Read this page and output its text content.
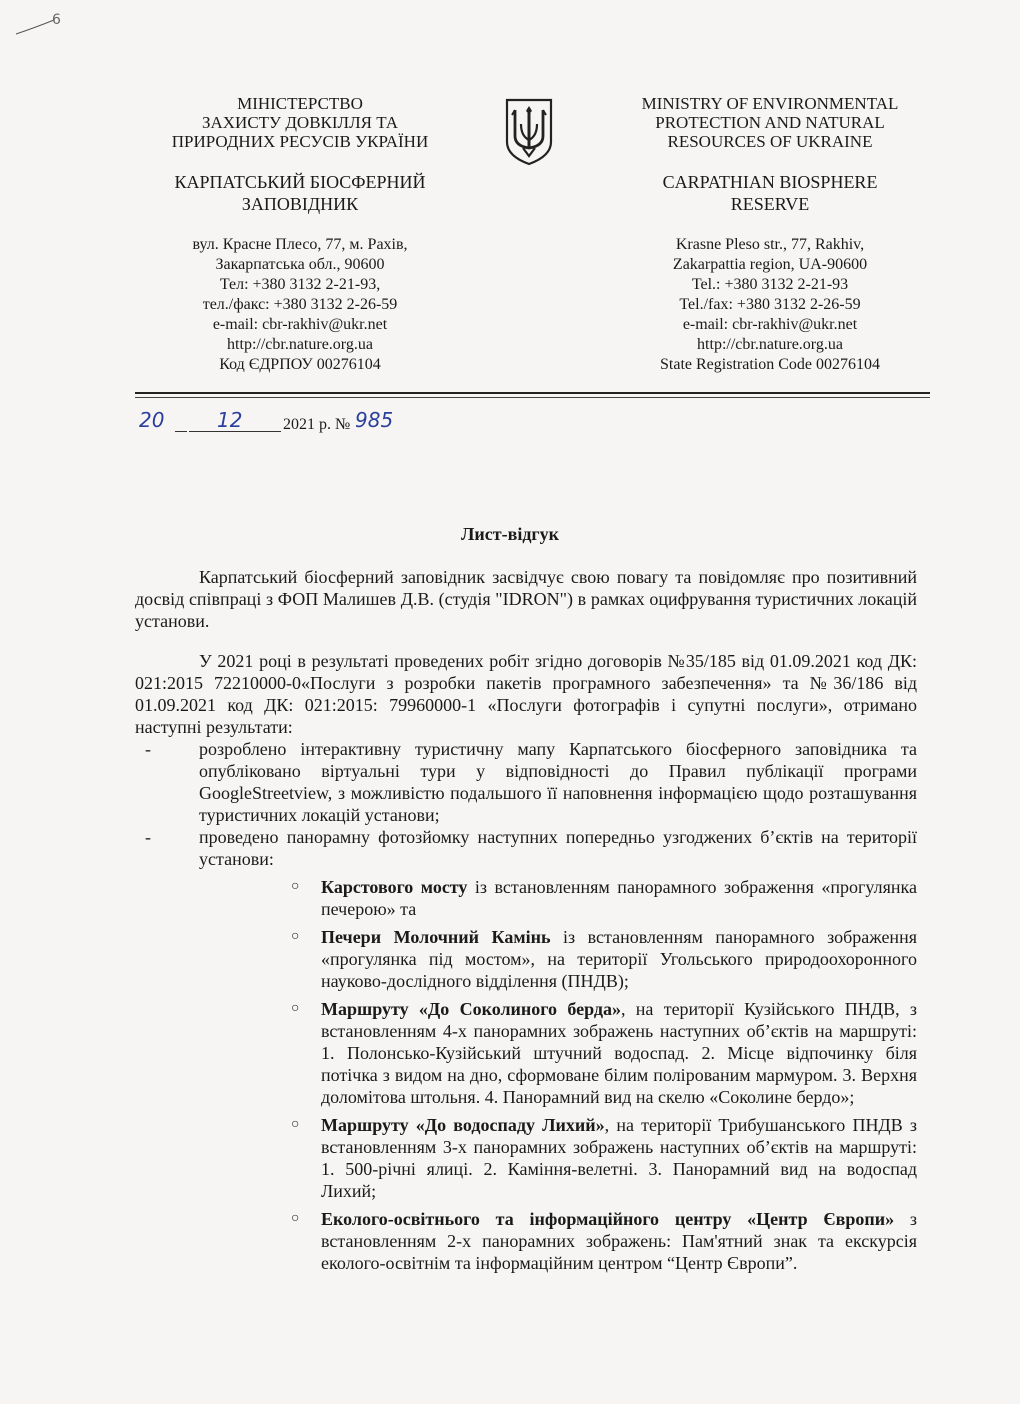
6
МІНІСТЕРСТВО
ЗАХИСТУ ДОВКІЛЛЯ ТА
ПРИРОДНИХ РЕСУСІВ УКРАЇНИ
КАРПАТСЬКИЙ БІОСФЕРНИЙ
ЗАПОВІДНИК
вул. Красне Плесо, 77, м. Рахів,
Закарпатська обл., 90600
Тел: +380 3132 2-21-93,
тел./факс: +380 3132 2-26-59
e-mail: cbr-rakhiv@ukr.net
http://cbr.nature.org.ua
Код ЄДРПОУ 00276104
MINISTRY OF ENVIRONMENTAL
PROTECTION AND NATURAL
RESOURCES OF UKRAINE
CARPATHIAN BIOSPHERE
RESERVE
Krasne Pleso str., 77, Rakhiv,
Zakarpattia region, UA-90600
Tel.: +380 3132 2-21-93
Tel./fax: +380 3132 2-26-59
e-mail: cbr-rakhiv@ukr.net
http://cbr.nature.org.ua
State Registration Code 00276104
20	12	2021 р. № 985
Лист-відгук

Карпатський біосферний заповідник засвідчує свою повагу та повідомляє про позитивний досвід співпраці з ФОП Малишев Д.В. (студія "IDRON") в рамках оцифрування туристичних локацій установи.

У 2021 році в результаті проведених робіт згідно договорів №35/185 від 01.09.2021 код ДК: 021:2015 72210000-0«Послуги з розробки пакетів програмного забезпечення» та №36/186 від 01.09.2021 код ДК: 021:2015: 79960000-1 «Послуги фотографів і супутні послуги», отримано наступні результати:

-	розроблено інтерактивну туристичну мапу Карпатського біосферного заповідника та опубліковано віртуальні тури у відповідності до Правил публікації програми GoogleStreetview, з можливістю подальшого її наповнення інформацією щодо розташування туристичних локацій установи;
-	проведено панорамну фотозйомку наступних попередньо узгоджених б’єктів на території установи:
○ Карстового мосту із встановленням панорамного зображення «прогулянка печерою» та
○ Печери Молочний Камінь із встановленням панорамного зображення «прогулянка під мостом», на території Угольського природоохоронного науково-дослідного відділення (ПНДВ);
○ Маршруту «До Соколиного берда», на території Кузійського ПНДВ, з встановленням 4-х панорамних зображень наступних об’єктів на маршруті: 1. Полонсько-Кузійський штучний водоспад. 2. Місце відпочинку біля потічка з видом на дно, сформоване білим полірованим мармуром. 3. Верхня доломітова штольня. 4. Панорамний вид на скелю «Соколине бердо»;
○ Маршруту «До водоспаду Лихий», на території Трибушанського ПНДВ з встановленням 3-х панорамних зображень наступних об’єктів на маршруті: 1. 500-річні ялиці. 2. Каміння-велетні. 3. Панорамний вид на водоспад Лихий;
○ Еколого-освітнього та інформаційного центру «Центр Європи» з встановленням 2-х панорамних зображень: Пам'ятний знак та екскурсія еколого-освітнім та інформаційним центром “Центр Європи”.
